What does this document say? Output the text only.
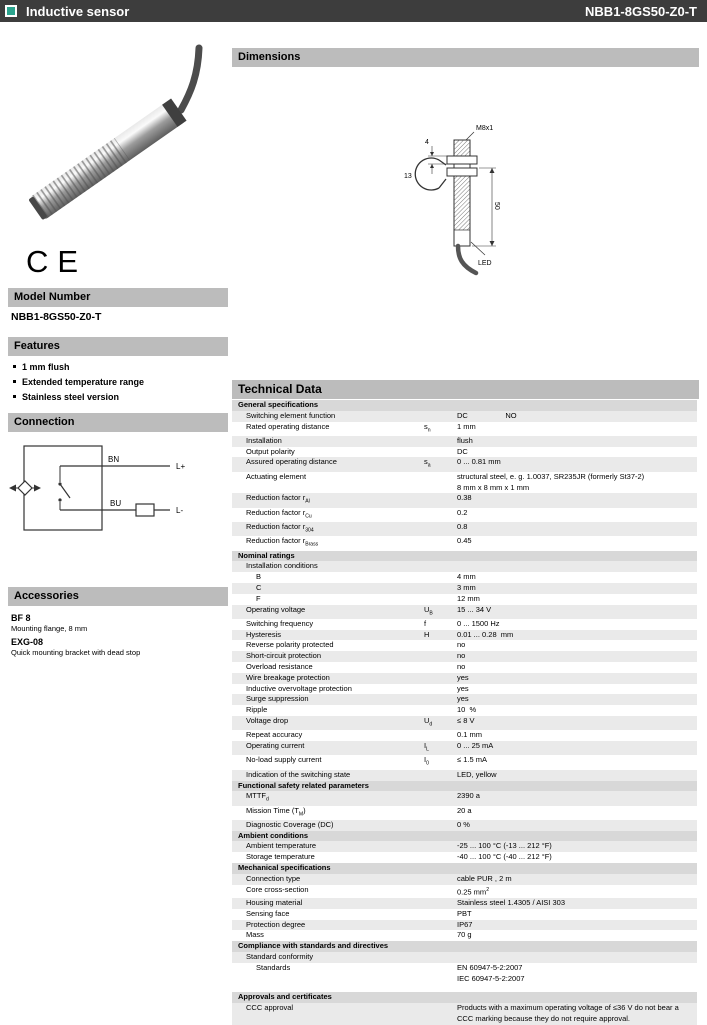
Inductive sensor	NBB1-8GS50-Z0-T
CE
Model Number
NBB1-8GS50-Z0-T
Features
1 mm flush
Extended temperature range
Stainless steel version
Connection
BN
BU
L+
L-
Accessories
BF 8
Mounting flange, 8 mm
EXG-08
Quick mounting bracket with dead stop
Dimensions
M8x1
LED
4
13
50
Technical Data
General specifications
Switching element function	DC     NO
Rated operating distance	$s_n$	1 mm
Installation	flush
Output polarity	DC
Assured operating distance	$s_a$	0 ... 0.81 mm
Actuating element	structural steel, e. g. 1.0037, SR235JR (formerly St37-2)
8 mm x 8 mm x 1 mm
Reduction factor $r_{Al}$	0.38
Reduction factor $r_{Cu}$	0.2
Reduction factor $r_{304}$	0.8
Reduction factor $r_{Brass}$	0.45
Nominal ratings
Installation conditions
B	4 mm
C	3 mm
F	12 mm
Operating voltage	$U_B$	15 ... 34 V
Switching frequency	f	0 ... 1500 Hz
Hysteresis	H	0.01 ... 0.28  mm
Reverse polarity protected	no
Short-circuit protection	no
Overload resistance	no
Wire breakage protection	yes
Inductive overvoltage protection	yes
Surge suppression	yes
Ripple	10  %
Voltage drop	$U_d$	≤ 8 V
Repeat accuracy	0.1 mm
Operating current	$I_L$	0 ... 25 mA
No-load supply current	$I_0$	≤ 1.5 mA
Indication of the switching state	LED, yellow
Functional safety related parameters
$MTTF_d$	2390 a
Mission Time $(T_M)$	20 a
Diagnostic Coverage (DC)	0 %
Ambient conditions
Ambient temperature	-25 ... 100 °C (-13 ... 212 °F)
Storage temperature	-40 ... 100 °C (-40 ... 212 °F)
Mechanical specifications
Connection type	cable PUR , 2 m
Core cross-section	0.25 $mm^2$
Housing material	Stainless steel 1.4305 / AISI 303
Sensing face	PBT
Protection degree	IP67
Mass	70 g
Compliance with standards and directives
Standard conformity
Standards	EN 60947-5-2:2007
IEC 60947-5-2:2007
Approvals and certificates
CCC approval	Products with a maximum operating voltage of ≤36 V do not bear a
CCC marking because they do not require approval.
